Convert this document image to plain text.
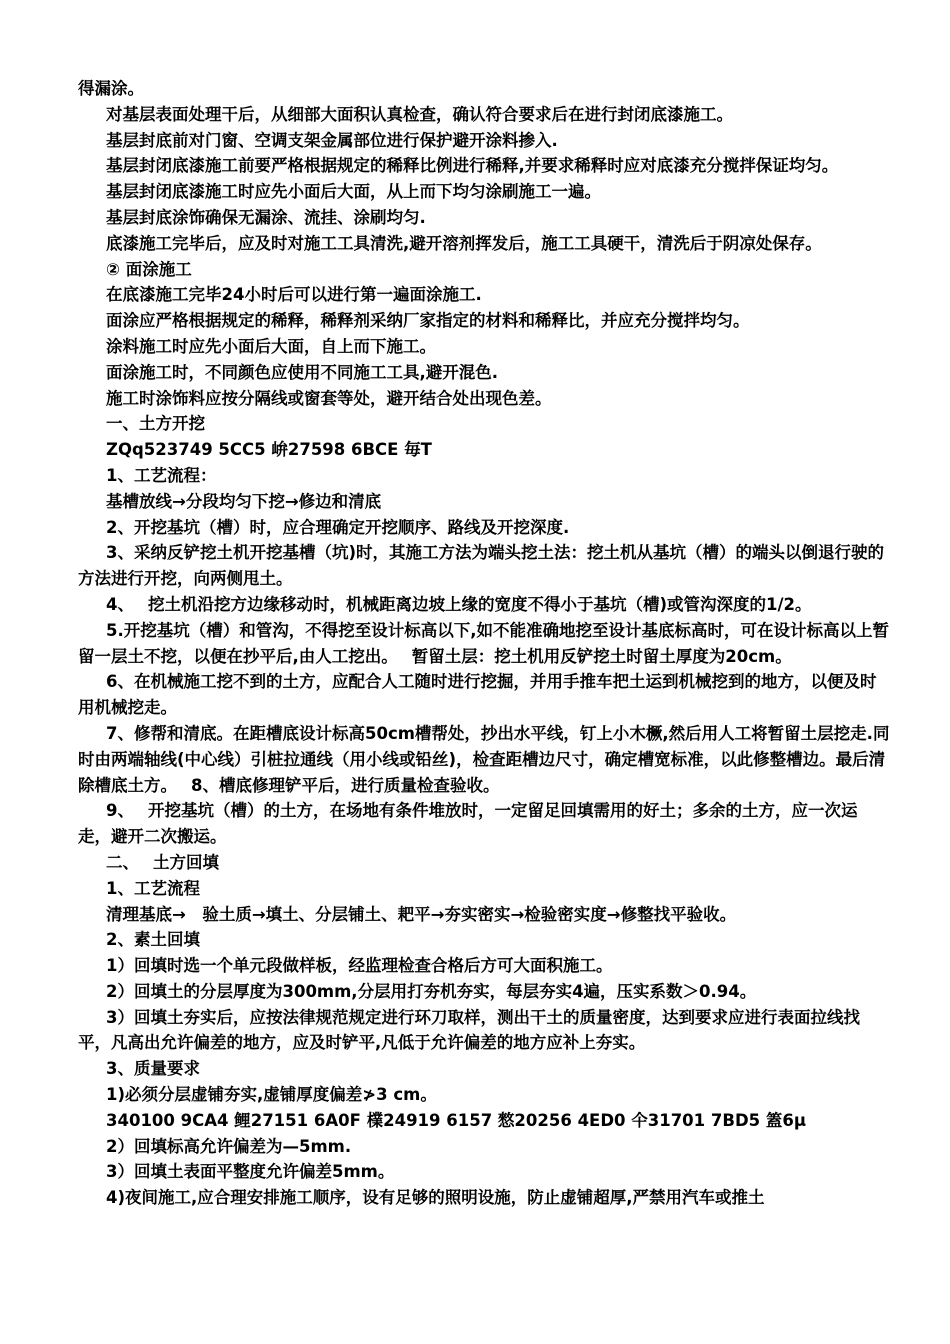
得漏涂。

对基层表面处理干后，从细部大面积认真检查，确认符合要求后在进行封闭底漆施工。

基层封底前对门窗、空调支架金属部位进行保护避开涂料掺入.

基层封闭底漆施工前要严格根据规定的稀释比例进行稀释,并要求稀释时应对底漆充分搅拌保证均匀。

基层封闭底漆施工时应先小面后大面，从上而下均匀涂刷施工一遍。

基层封底涂饰确保无漏涂、流挂、涂刷均匀.

底漆施工完毕后，应及时对施工工具清洗,避开溶剂挥发后，施工工具硬干，清洗后于阴凉处保存。

② 面涂施工

在底漆施工完毕24小时后可以进行第一遍面涂施工.

面涂应严格根据规定的稀释，稀释剂采纳厂家指定的材料和稀释比，并应充分搅拌均匀。

涂料施工时应先小面后大面，自上而下施工。

面涂施工时，不同颜色应使用不同施工工具,避开混色.

施工时涂饰料应按分隔线或窗套等处，避开结合处出现色差。

一、土方开挖

ZQq523749 5CC5 峅27598 6BCE 毎T

1、工艺流程：

基槽放线→分段均匀下挖→修边和清底

2、开挖基坑（槽）时，应合理确定开挖顺序、路线及开挖深度.

3、采纳反铲挖土机开挖基槽（坑)时，其施工方法为端头挖土法：挖土机从基坑（槽）的端头以倒退行驶的方法进行开挖，向两侧甩土。

4、　 挖土机沿挖方边缘移动时，机械距离边坡上缘的宽度不得小于基坑（槽)或管沟深度的1/2。

5.开挖基坑（槽）和管沟，不得挖至设计标高以下,如不能准确地挖至设计基底标高时，可在设计标高以上暂留一层土不挖，以便在抄平后,由人工挖出。　 暂留土层：挖土机用反铲挖土时留土厚度为20cm。

6、在机械施工挖不到的土方，应配合人工随时进行挖掘，并用手推车把土运到机械挖到的地方，以便及时用机械挖走。

7、修帮和清底。在距槽底设计标高50cm槽帮处，抄出水平线，钉上小木橛,然后用人工将暂留土层挖走.同时由两端轴线(中心线）引桩拉通线（用小线或铅丝)，检查距槽边尺寸，确定槽宽标准，以此修整槽边。最后清除槽底土方。　 8、槽底修理铲平后，进行质量检查验收。

9、　 开挖基坑（槽）的土方，在场地有条件堆放时，一定留足回填需用的好土；多余的土方，应一次运走，避开二次搬运。

二、　 土方回填

1、工艺流程

清理基底→　验土质→填土、分层铺土、耙平→夯实密实→检验密实度→修整找平验收。

2、素土回填

1）回填时选一个单元段做样板，经监理检查合格后方可大面积施工。

2）回填土的分层厚度为300mm,分层用打夯机夯实，每层夯实4遍，压实系数＞0.94。

3）回填土夯实后，应按法律规范规定进行环刀取样，测出干土的质量密度，达到要求应进行表面拉线找平，凡高出允许偏差的地方，应及时铲平,凡低于允许偏差的地方应补上夯实。

3、质量要求

1)必须分层虚铺夯实,虚铺厚度偏差≯3 cm。

340100 9CA4 鲤27151 6A0F 檏24919 6157 憗20256 4ED0 仐31701 7BD5 篕6μ

2）回填标高允许偏差为—5mm.

3）回填土表面平整度允许偏差5mm。

4)夜间施工,应合理安排施工顺序，设有足够的照明设施，防止虚铺超厚,严禁用汽车或推土
